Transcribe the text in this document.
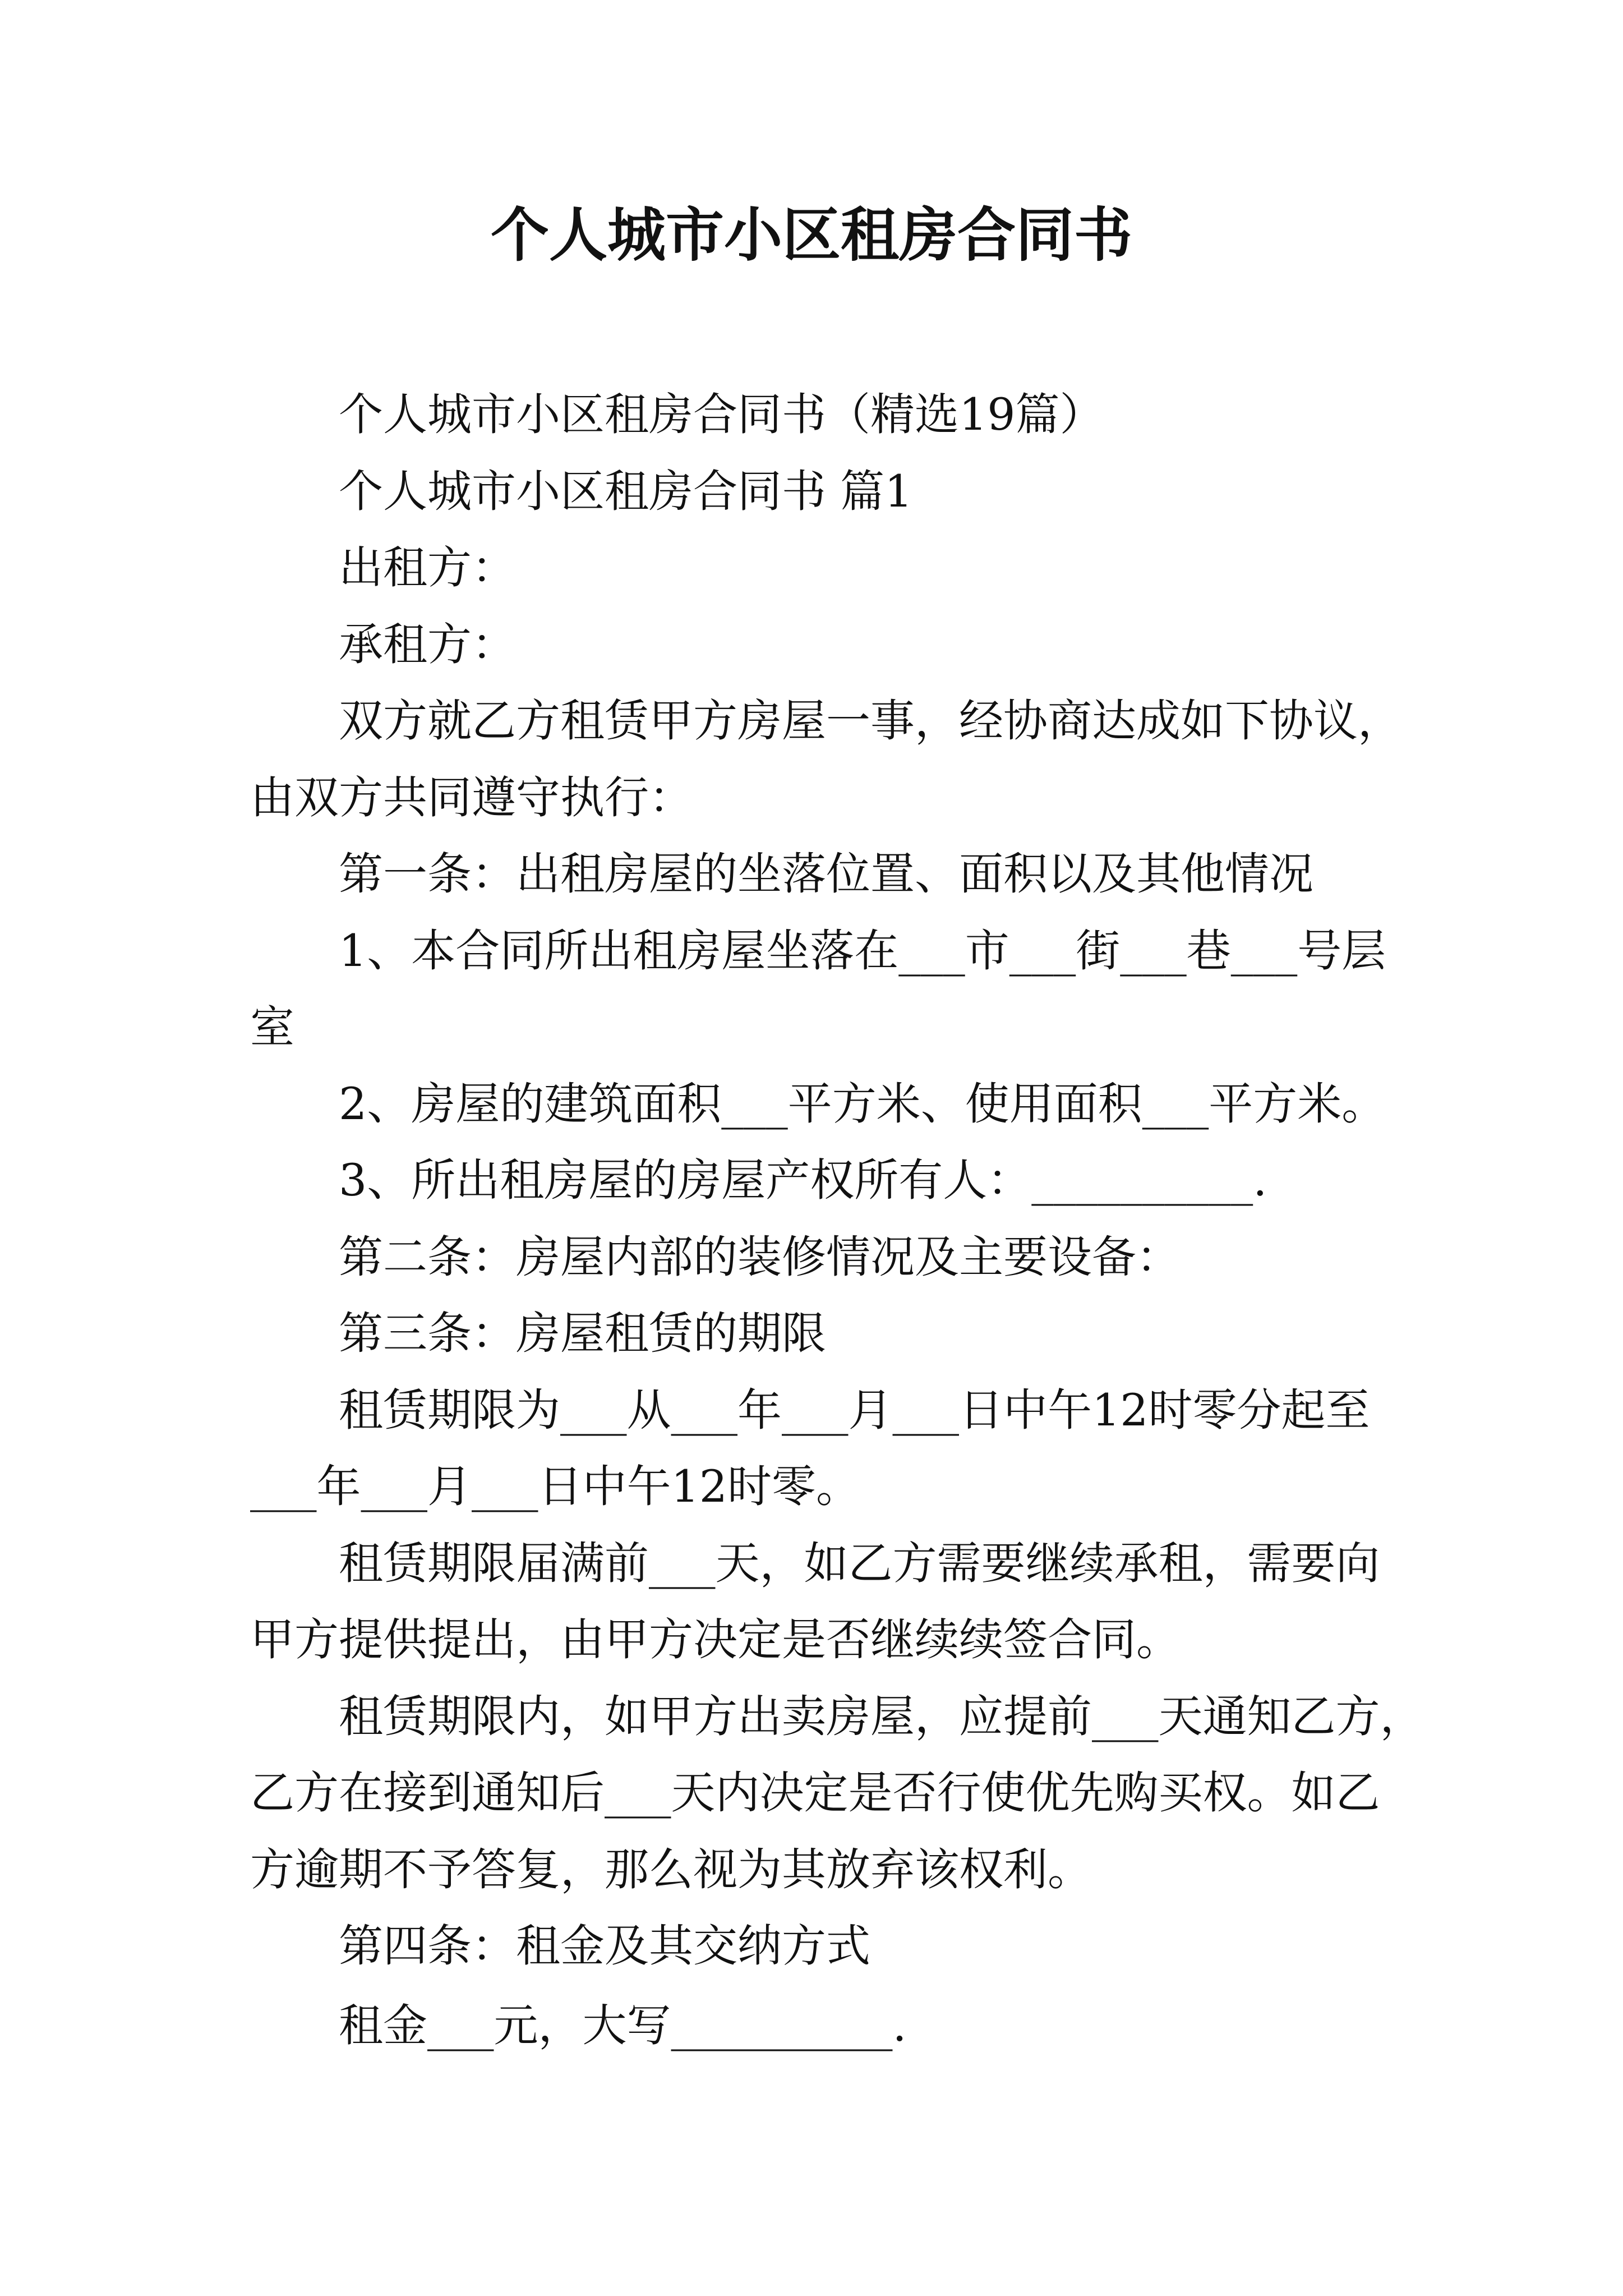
个人城市小区租房合同书
个人城市小区租房合同书（精选19篇）
个人城市小区租房合同书 篇1
出租方：
承租方：
双方就乙方租赁甲方房屋一事，经协商达成如下协议，
由双方共同遵守执行：
第一条：出租房屋的坐落位置、面积以及其他情况
1、本合同所出租房屋坐落在___市___街___巷___号层
室
2、房屋的建筑面积___平方米、使用面积___平方米。
3、所出租房屋的房屋产权所有人：__________.
第二条：房屋内部的装修情况及主要设备：
第三条：房屋租赁的期限
租赁期限为___从___年___月___日中午12时零分起至
___年___月___日中午12时零。
租赁期限届满前___天，如乙方需要继续承租，需要向
甲方提供提出，由甲方决定是否继续续签合同。
租赁期限内，如甲方出卖房屋，应提前___天通知乙方，
乙方在接到通知后___天内决定是否行使优先购买权。如乙
方逾期不予答复，那么视为其放弃该权利。
第四条：租金及其交纳方式
租金___元，大写__________.
